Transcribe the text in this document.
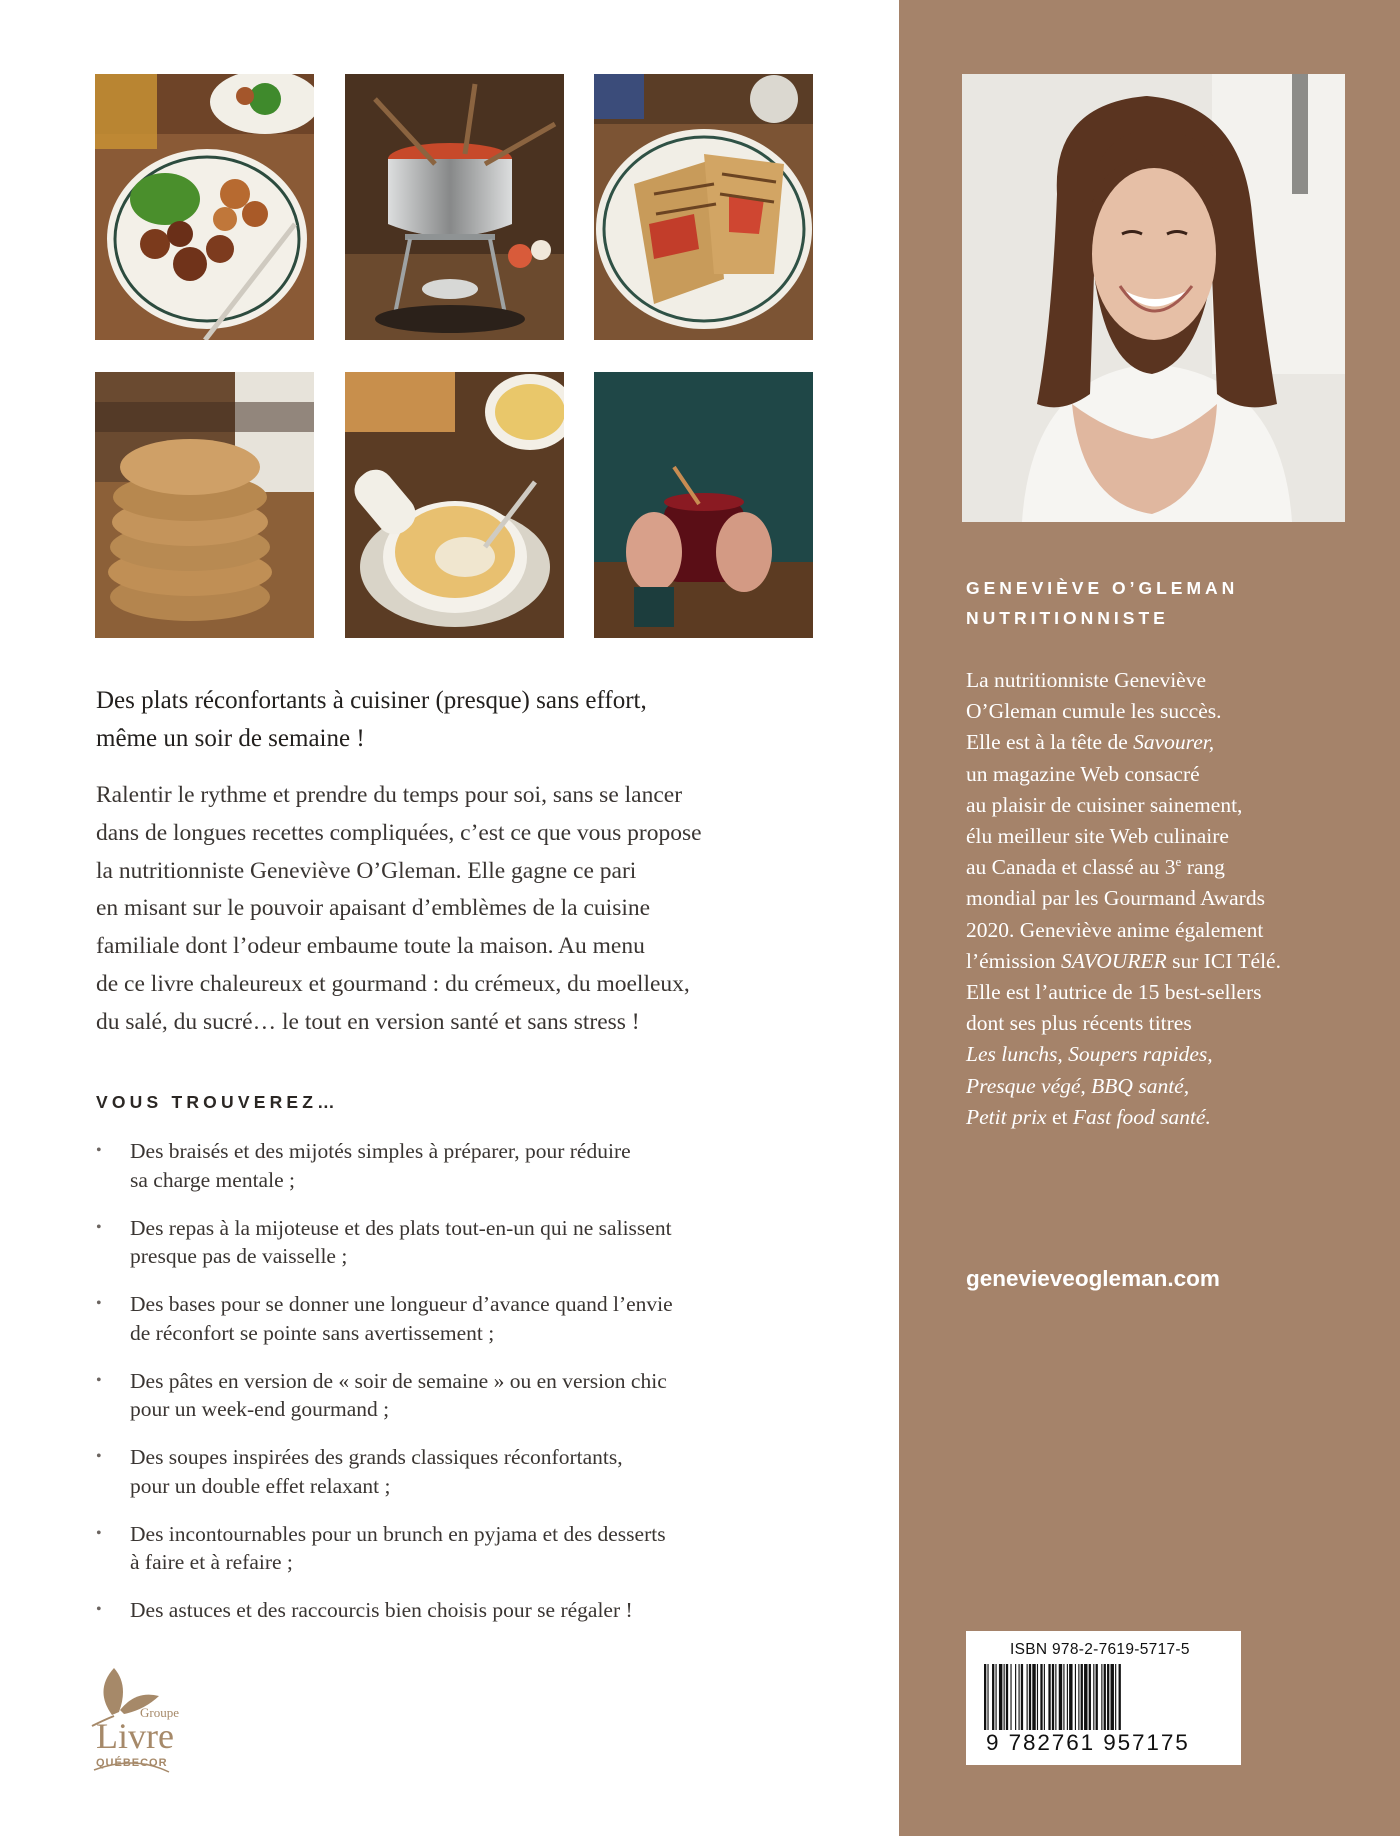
Des plats réconfortants à cuisiner (presque) sans effort,
même un soir de semaine !
Ralentir le rythme et prendre du temps pour soi, sans se lancer
dans de longues recettes compliquées, c’est ce que vous propose
la nutritionniste Geneviève O’Gleman. Elle gagne ce pari
en misant sur le pouvoir apaisant d’emblèmes de la cuisine
familiale dont l’odeur embaume toute la maison. Au menu
de ce livre chaleureux et gourmand : du crémeux, du moelleux,
du salé, du sucré… le tout en version santé et sans stress !
VOUS TROUVEREZ…
• Des braisés et des mijotés simples à préparer, pour réduire
sa charge mentale ;
• Des repas à la mijoteuse et des plats tout-en-un qui ne salissent
presque pas de vaisselle ;
• Des bases pour se donner une longueur d’avance quand l’envie
de réconfort se pointe sans avertissement ;
• Des pâtes en version de « soir de semaine » ou en version chic
pour un week-end gourmand ;
• Des soupes inspirées des grands classiques réconfortants,
pour un double effet relaxant ;
• Des incontournables pour un brunch en pyjama et des desserts
à faire et à refaire ;
• Des astuces et des raccourcis bien choisis pour se régaler !
Groupe
Livre
QUÉBECOR
GENEVIÈVE O’GLEMAN
NUTRITIONNISTE
La nutritionniste Geneviève
O’Gleman cumule les succès.
Elle est à la tête de Savourer,
un magazine Web consacré
au plaisir de cuisiner sainement,
élu meilleur site Web culinaire
au Canada et classé au 3e rang
mondial par les Gourmand Awards
2020. Geneviève anime également
l’émission SAVOURER sur ICI Télé.
Elle est l’autrice de 15 best-sellers
dont ses plus récents titres
Les lunchs, Soupers rapides,
Presque végé, BBQ santé,
Petit prix et Fast food santé.
genevieveogleman.com
ISBN 978-2-7619-5717-5
9 782761 957175
